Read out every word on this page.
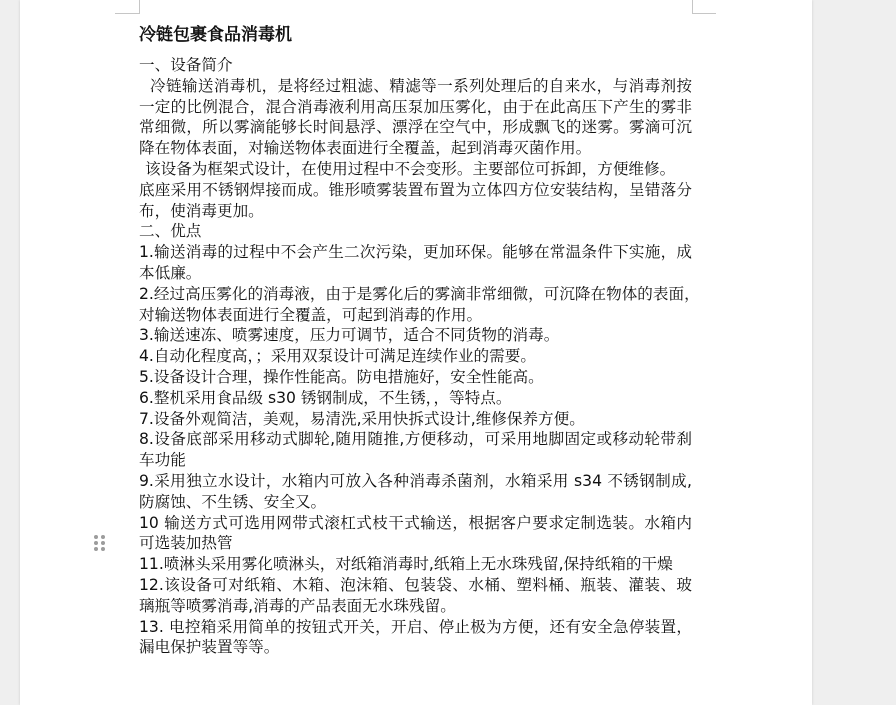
冷链包裹食品消毒机
一、设备简介
冷链输送消毒机，是将经过粗滤、精滤等一系列处理后的自来水，与消毒剂按
一定的比例混合，混合消毒液利用高压泵加压雾化，由于在此高压下产生的雾非
常细微，所以雾滴能够长时间悬浮、漂浮在空气中，形成飘飞的迷雾。雾滴可沉
降在物体表面，对输送物体表面进行全覆盖，起到消毒灭菌作用。
该设备为框架式设计，在使用过程中不会变形。主要部位可拆卸，方便维修。
底座采用不锈钢焊接而成。锥形喷雾装置布置为立体四方位安装结构，呈错落分
布，使消毒更加。
二、优点
1.输送消毒的过程中不会产生二次污染，更加环保。能够在常温条件下实施，成
本低廉。
2.经过高压雾化的消毒液，由于是雾化后的雾滴非常细微，可沉降在物体的表面，
对输送物体表面进行全覆盖，可起到消毒的作用。
3.输送速冻、喷雾速度，压力可调节，适合不同货物的消毒。
4.自动化程度高，；采用双泵设计可满足连续作业的需要。
5.设备设计合理，操作性能高。防电措施好，安全性能高。
6.整机采用食品级 s30 锈钢制成，不生锈，，等特点。
7.设备外观简洁，美观，易清洗,采用快拆式设计,维修保养方便。
8.设备底部采用移动式脚轮,随用随推,方便移动，可采用地脚固定或移动轮带刹
车功能
9.采用独立水设计，水箱内可放入各种消毒杀菌剂，水箱采用 s34 不锈钢制成,
防腐蚀、不生锈、安全又。
10 输送方式可选用网带式滚杠式枝干式输送，根据客户要求定制选装。水箱内
可选装加热管
11.喷淋头采用雾化喷淋头，对纸箱消毒时,纸箱上无水珠残留,保持纸箱的干燥
12.该设备可对纸箱、木箱、泡沫箱、包装袋、水桶、塑料桶、瓶装、灌装、玻
璃瓶等喷雾消毒,消毒的产品表面无水珠残留。
13. 电控箱采用简单的按钮式开关，开启、停止极为方便，还有安全急停装置，
漏电保护装置等等。
